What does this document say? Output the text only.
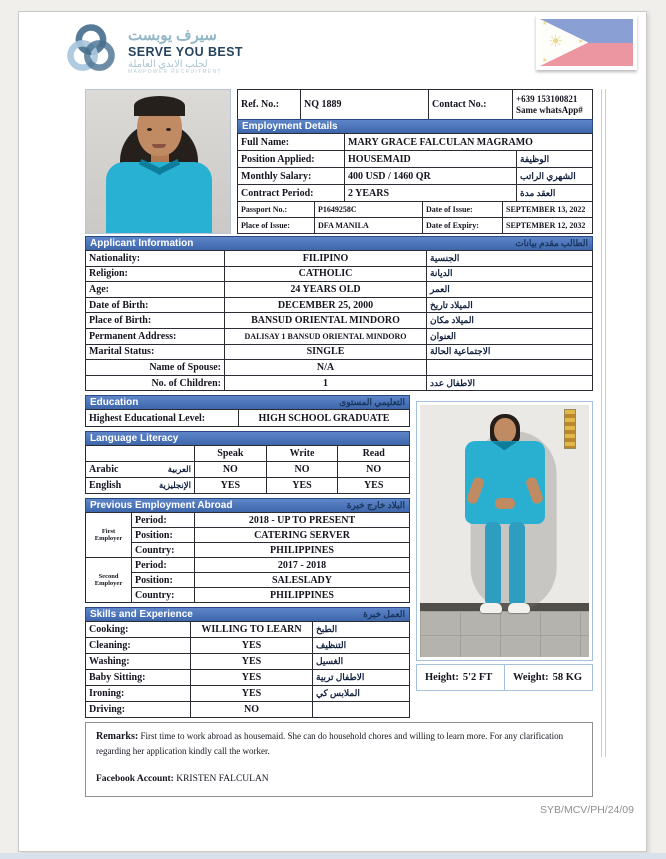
سيرف يوبست
SERVE YOU BEST
لجلب الايدي العاملة
MANPOWER RECRUITMENT
☀
★
★
★
Ref. No.:	NQ 1889	Contact No.:	+639 153100821
Same whatsApp#
Employment Details
Full Name:	MARY GRACE FALCULAN MAGRAMO
Position Applied:	HOUSEMAID	الوظيفة
Monthly Salary:	400 USD / 1460 QR	الشهري الراتب
Contract Period:	2 YEARS	العقد مدة
Passport No.:	P1649258C	Date of Issue:	SEPTEMBER 13, 2022
Place of Issue:	DFA MANILA	Date of Expiry:	SEPTEMBER 12, 2032
Applicant Information	الطالب مقدم بيانات
Nationality:	FILIPINO	الجنسية
Religion:	CATHOLIC	الديانة
Age:	24 YEARS OLD	العمر
Date of Birth:	DECEMBER 25, 2000	الميلاد تاريخ
Place of Birth:	BANSUD ORIENTAL MINDORO	الميلاد مكان
Permanent Address:	DALISAY 1 BANSUD ORIENTAL MINDORO	العنوان
Marital Status:	SINGLE	الاجتماعية الحالة
Name of Spouse:	N/A
No. of Children:	1	الاطفال عدد
Education	التعليمي المستوى
Highest Educational Level:	HIGH SCHOOL GRADUATE
Language Literacy
Speak	Write	Read
Arabic	العربية	NO	NO	NO
English	الإنجليزية	YES	YES	YES
Previous Employment Abroad	البلاد خارج خبرة
First Employer
Period:	2018 - UP TO PRESENT
Position:	CATERING SERVER
Country:	PHILIPPINES
Second Employer
Period:	2017 - 2018
Position:	SALESLADY
Country:	PHILIPPINES
Skills and Experience	العمل خبرة
Cooking:	WILLING TO LEARN	الطبخ
Cleaning:	YES	التنظيف
Washing:	YES	الغسيل
Baby Sitting:	YES	الاطفال تربية
Ironing:	YES	الملابس كي
Driving:	NO
Height: 5'2 FT Weight: 58 KG
Remarks: First time to work abroad as housemaid. She can do household chores and willing to learn more. For any clarification regarding her application kindly call the worker.
Facebook Account: KRISTEN FALCULAN
SYB/MCV/PH/24/09
